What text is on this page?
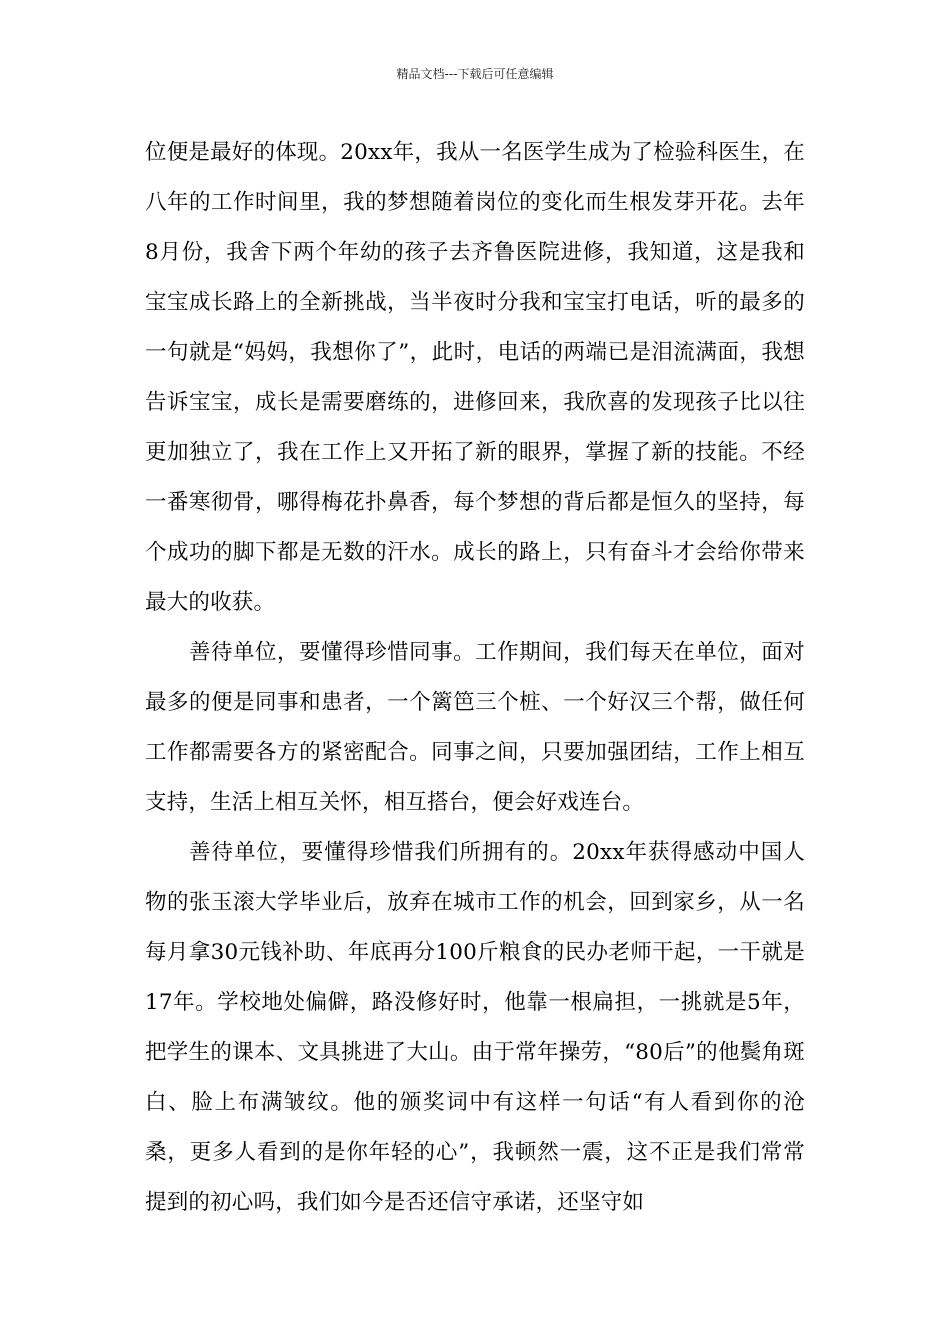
精品文档---下载后可任意编辑

位便是最好的体现。20xx年，我从一名医学生成为了检验科医生，在八年的工作时间里，我的梦想随着岗位的变化而生根发芽开花。去年8月份，我舍下两个年幼的孩子去齐鲁医院进修，我知道，这是我和宝宝成长路上的全新挑战，当半夜时分我和宝宝打电话，听的最多的一句就是“妈妈，我想你了”，此时，电话的两端已是泪流满面，我想告诉宝宝，成长是需要磨练的，进修回来，我欣喜的发现孩子比以往更加独立了，我在工作上又开拓了新的眼界，掌握了新的技能。不经一番寒彻骨，哪得梅花扑鼻香，每个梦想的背后都是恒久的坚持，每个成功的脚下都是无数的汗水。成长的路上，只有奋斗才会给你带来最大的收获。

善待单位，要懂得珍惜同事。工作期间，我们每天在单位，面对最多的便是同事和患者，一个篱笆三个桩、一个好汉三个帮，做任何工作都需要各方的紧密配合。同事之间，只要加强团结，工作上相互支持，生活上相互关怀，相互搭台，便会好戏连台。

善待单位，要懂得珍惜我们所拥有的。20xx年获得感动中国人物的张玉滚大学毕业后，放弃在城市工作的机会，回到家乡，从一名每月拿30元钱补助、年底再分100斤粮食的民办老师干起，一干就是17年。学校地处偏僻，路没修好时，他靠一根扁担，一挑就是5年，把学生的课本、文具挑进了大山。由于常年操劳，“80后”的他鬓角斑白、脸上布满皱纹。他的颁奖词中有这样一句话“有人看到你的沧桑，更多人看到的是你年轻的心”，我顿然一震，这不正是我们常常提到的初心吗，我们如今是否还信守承诺，还坚守如
